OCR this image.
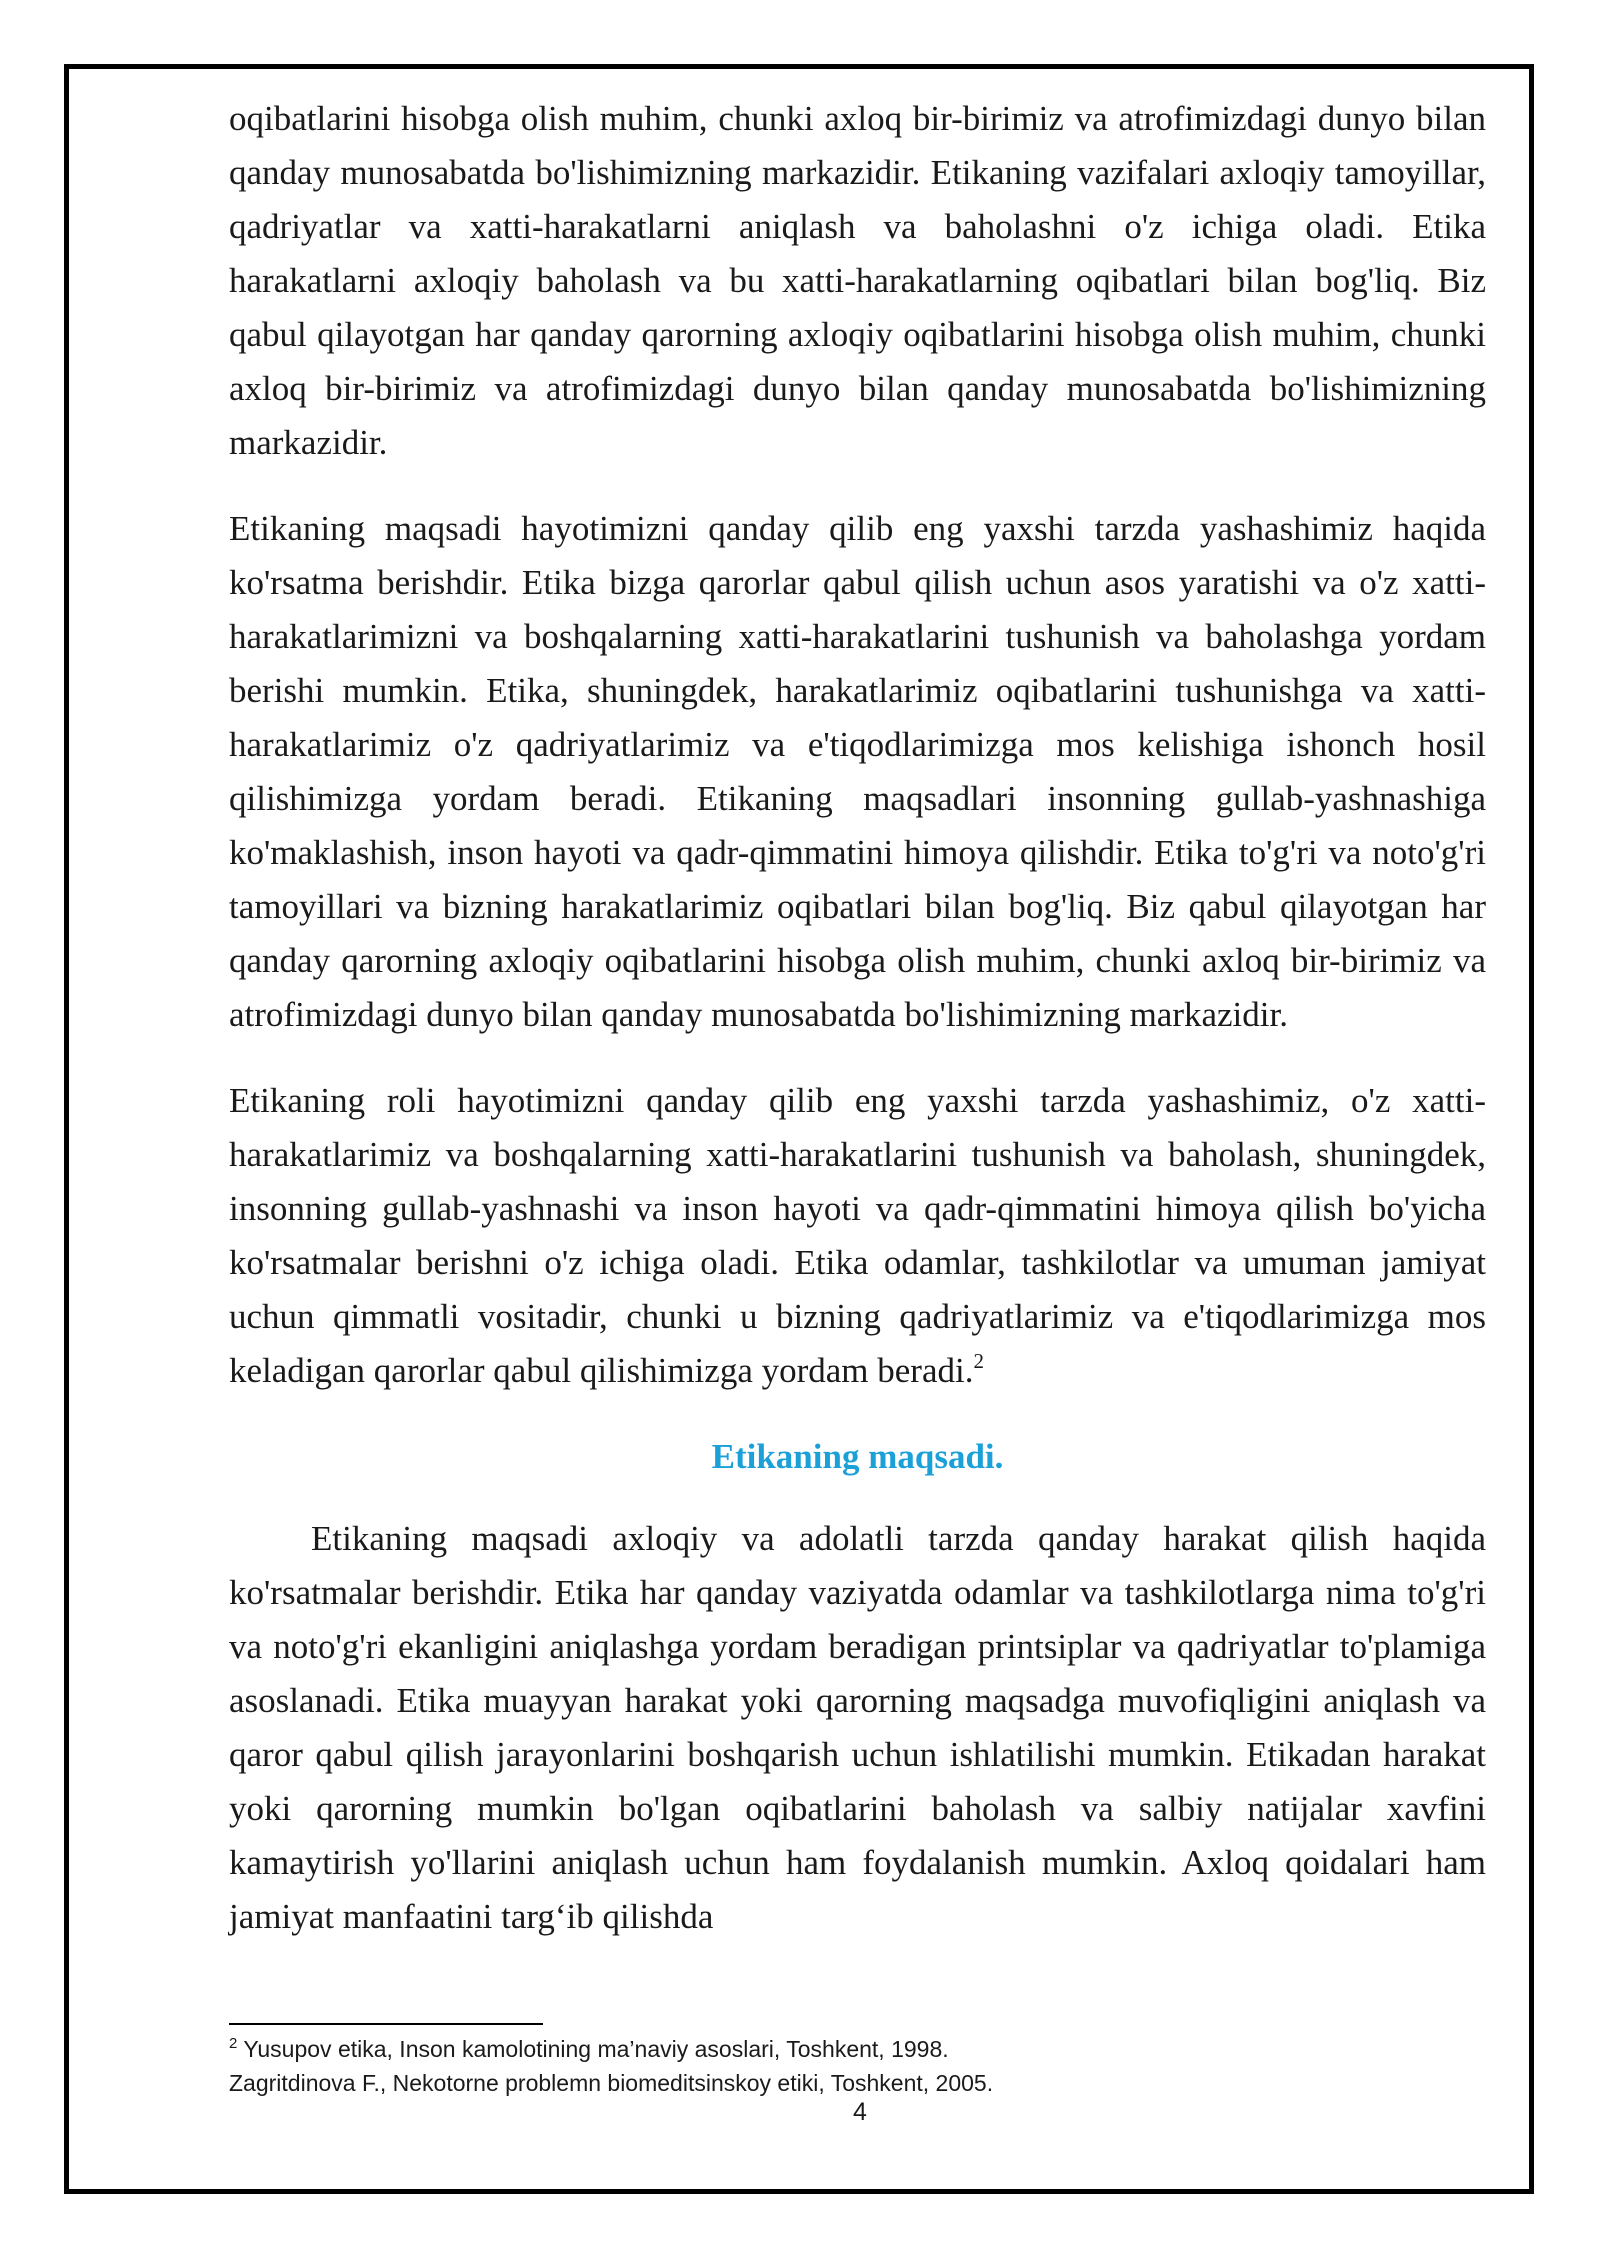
oqibatlarini hisobga olish muhim, chunki axloq bir-birimiz va atrofimizdagi dunyo bilan qanday munosabatda bo'lishimizning markazidir. Etikaning vazifalari axloqiy tamoyillar, qadriyatlar va xatti-harakatlarni aniqlash va baholashni o'z ichiga oladi. Etika harakatlarni axloqiy baholash va bu xatti-harakatlarning oqibatlari bilan bog'liq. Biz qabul qilayotgan har qanday qarorning axloqiy oqibatlarini hisobga olish muhim, chunki axloq bir-birimiz va atrofimizdagi dunyo bilan qanday munosabatda bo'lishimizning markazidir.

Etikaning maqsadi hayotimizni qanday qilib eng yaxshi tarzda yashashimiz haqida ko'rsatma berishdir. Etika bizga qarorlar qabul qilish uchun asos yaratishi va o'z xatti-harakatlarimizni va boshqalarning xatti-harakatlarini tushunish va baholashga yordam berishi mumkin. Etika, shuningdek, harakatlarimiz oqibatlarini tushunishga va xatti-harakatlarimiz o'z qadriyatlarimiz va e'tiqodlarimizga mos kelishiga ishonch hosil qilishimizga yordam beradi. Etikaning maqsadlari insonning gullab-yashnashiga ko'maklashish, inson hayoti va qadr-qimmatini himoya qilishdir. Etika to'g'ri va noto'g'ri tamoyillari va bizning harakatlarimiz oqibatlari bilan bog'liq. Biz qabul qilayotgan har qanday qarorning axloqiy oqibatlarini hisobga olish muhim, chunki axloq bir-birimiz va atrofimizdagi dunyo bilan qanday munosabatda bo'lishimizning markazidir.

Etikaning roli hayotimizni qanday qilib eng yaxshi tarzda yashashimiz, o'z xatti-harakatlarimiz va boshqalarning xatti-harakatlarini tushunish va baholash, shuningdek, insonning gullab-yashnashi va inson hayoti va qadr-qimmatini himoya qilish bo'yicha ko'rsatmalar berishni o'z ichiga oladi. Etika odamlar, tashkilotlar va umuman jamiyat uchun qimmatli vositadir, chunki u bizning qadriyatlarimiz va e'tiqodlarimizga mos keladigan qarorlar qabul qilishimizga yordam beradi.$^2$

Etikaning maqsadi.

Etikaning maqsadi axloqiy va adolatli tarzda qanday harakat qilish haqida ko'rsatmalar berishdir. Etika har qanday vaziyatda odamlar va tashkilotlarga nima to'g'ri va noto'g'ri ekanligini aniqlashga yordam beradigan printsiplar va qadriyatlar to'plamiga asoslanadi. Etika muayyan harakat yoki qarorning maqsadga muvofiqligini aniqlash va qaror qabul qilish jarayonlarini boshqarish uchun ishlatilishi mumkin. Etikadan harakat yoki qarorning mumkin bo'lgan oqibatlarini baholash va salbiy natijalar xavfini kamaytirish yo'llarini aniqlash uchun ham foydalanish mumkin. Axloq qoidalari ham jamiyat manfaatini targ‘ib qilishda

$^2$ Yusupov etika, Inson kamolotining ma’naviy asoslari, Toshkent, 1998.
Zagritdinova F., Nekotorne problemn biomeditsinskoy etiki, Toshkent, 2005.
4
